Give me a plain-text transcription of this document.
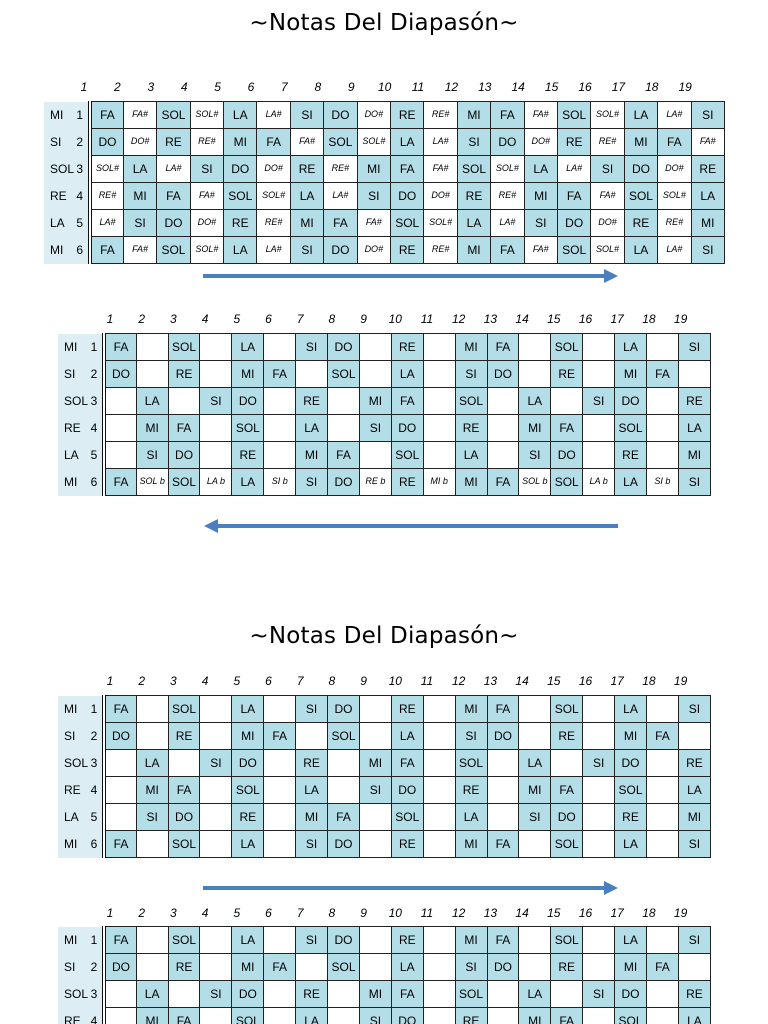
~Notas Del Diapasón~
1	2	3	4	5	6	7	8	9	10	11	12 13 14 15 16 17 18 19
MI 1	FA	FA#	SOL	SOL#	LA	LA#	SI	DO	DO#	RE	RE#	MI	FA	FA#	SOL	SOL#	LA	LA#	SI

SI 2	DO	DO#	RE	RE#	MI	FA	FA#	SOL	SOL#	LA	LA#	SI	DO	DO#	RE	RE#	MI	FA	FA#

SOL 3	SOL#	LA	LA#	SI	DO	DO#	RE	RE#	MI	FA	FA#	SOL	SOL#	LA	LA#	SI	DO	DO#	RE

RE 4	RE#	MI	FA	FA#	SOL	SOL#	LA	LA#	SI	DO	DO#	RE	RE#	MI	FA	FA#	SOL	SOL#	LA

LA 5	LA#	SI	DO	DO#	RE	RE#	MI	FA	FA#	SOL	SOL#	LA	LA#	SI	DO	DO#	RE	RE#	MI

MI 6	FA	FA#	SOL	SOL#	LA	LA#	SI	DO	DO#	RE	RE#	MI	FA	FA#	SOL	SOL#	LA	LA#	SI
1	2	3	4	5	6	7	8	9	10	11	12 13 14 15 16 17 18 19
MI 1	FA		SOL		LA		SI	DO		RE		MI	FA		SOL		LA		SI

SI 2	DO		RE		MI	FA		SOL		LA		SI	DO		RE		MI	FA	

SOL 3		LA		SI	DO		RE		MI	FA		SOL		LA		SI	DO		RE

RE 4		MI	FA		SOL		LA		SI	DO		RE		MI	FA		SOL		LA

LA 5		SI	DO		RE		MI	FA		SOL		LA		SI	DO		RE		MI

MI 6	FA	SOL b	SOL	LA b	LA	SI b	SI	DO	RE b	RE	MI b	MI	FA	SOL b	SOL	LA b	LA	SI b	SI
~Notas Del Diapasón~
1	2	3	4	5	6	7	8	9	10	11	12 13 14 15 16 17 18 19
MI 1	FA		SOL		LA		SI	DO		RE		MI	FA		SOL		LA		SI

SI 2	DO		RE		MI	FA		SOL		LA		SI	DO		RE		MI	FA	

SOL 3		LA		SI	DO		RE		MI	FA		SOL		LA		SI	DO		RE

RE 4		MI	FA		SOL		LA		SI	DO		RE		MI	FA		SOL		LA

LA 5		SI	DO		RE		MI	FA		SOL		LA		SI	DO		RE		MI

MI 6	FA		SOL		LA		SI	DO		RE		MI	FA		SOL		LA		SI
1	2	3	4	5	6	7	8	9	10	11	12 13 14 15 16 17 18 19
MI 1	FA		SOL		LA		SI	DO		RE		MI	FA		SOL		LA		SI

SI 2	DO		RE		MI	FA		SOL		LA		SI	DO		RE		MI	FA	

SOL 3		LA		SI	DO		RE		MI	FA		SOL		LA		SI	DO		RE

RE 4		MI	FA		SOL		LA		SI	DO		RE		MI	FA		SOL		LA
